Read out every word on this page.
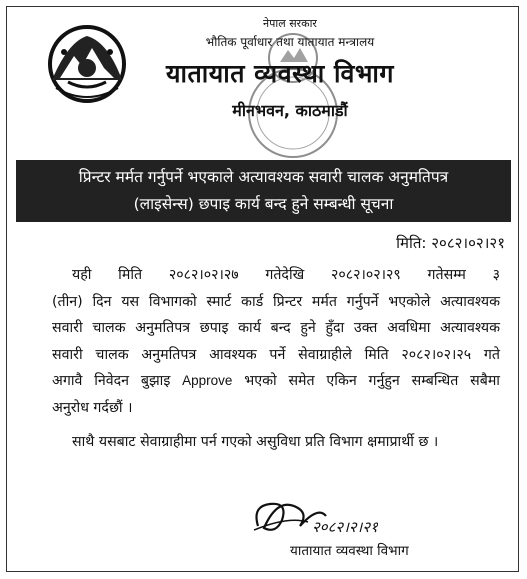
नेपाल सरकार
भौतिक पूर्वाधार तथा यातायात मन्त्रालय
यातायात व्यवस्था विभाग
मीनभवन, काठमाडौं
प्रिन्टर मर्मत गर्नुपर्ने भएकाले अत्यावश्यक सवारी चालक अनुमतिपत्र
(लाइसेन्स) छपाइ कार्य बन्द हुने सम्बन्धी सूचना
मिति: २०८२।०२।२१
यही मिति २०८२।०२।२७ गतेदेखि २०८२।०२।२९ गतेसम्म ३
(तीन) दिन यस विभागको स्मार्ट कार्ड प्रिन्टर मर्मत गर्नुपर्ने भएकोले अत्यावश्यक
सवारी चालक अनुमतिपत्र छपाइ कार्य बन्द हुने हुँदा उक्त अवधिमा अत्यावश्यक
सवारी चालक अनुमतिपत्र आवश्यक पर्ने सेवाग्राहीले मिति २०८२।०२।२५ गते
अगावै निवेदन बुझाइ Approve भएको समेत एकिन गर्नुहुन सम्बन्धित सबैमा
अनुरोध गर्दछौं ।
साथै यसबाट सेवाग्राहीमा पर्न गएको असुविधा प्रति विभाग क्षमाप्रार्थी छ ।
२०८२।२।२१
यातायात व्यवस्था विभाग
